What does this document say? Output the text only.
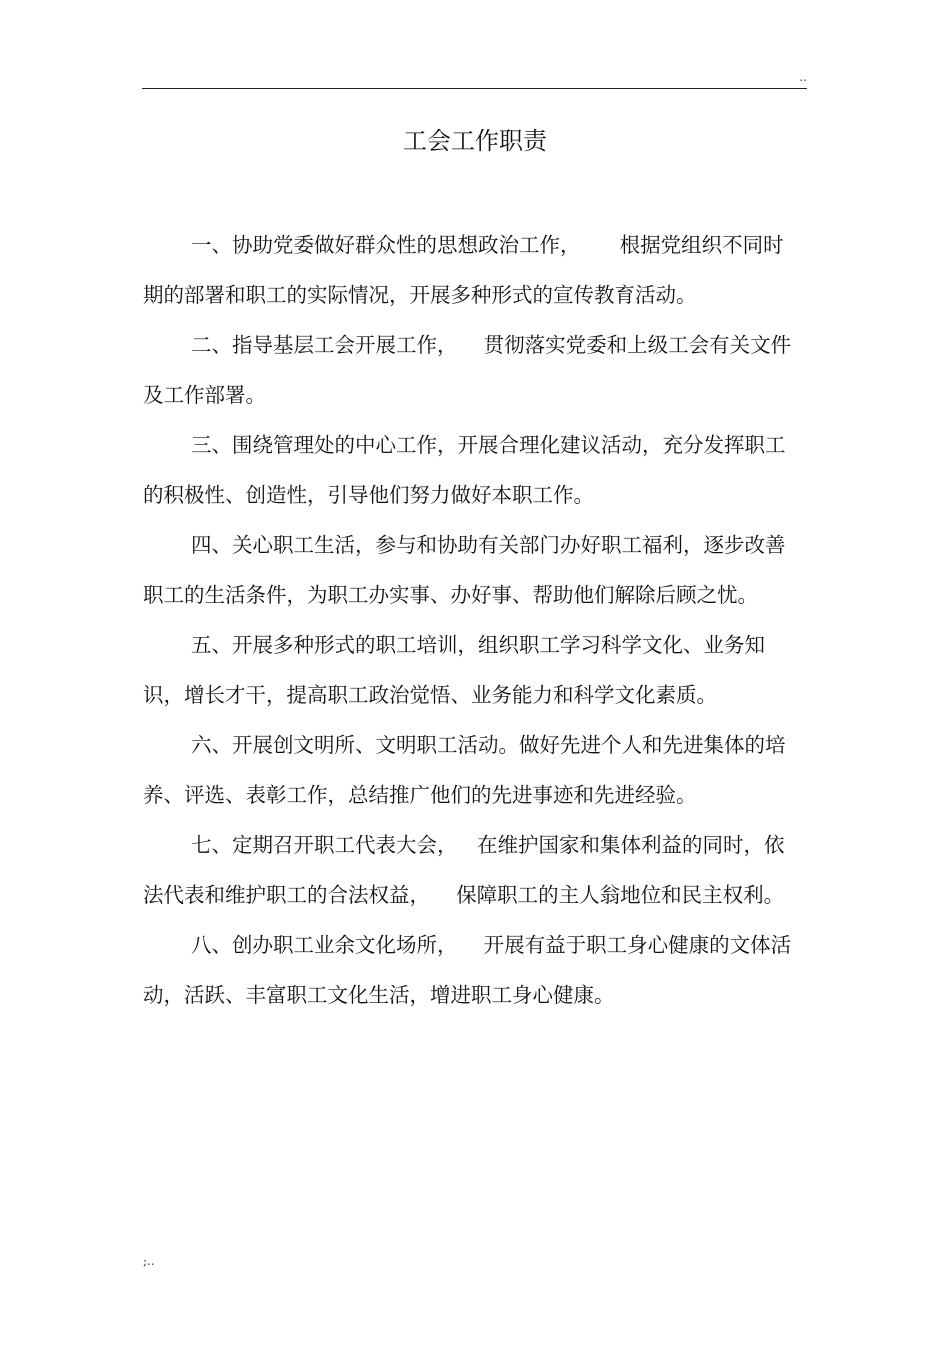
..
工会工作职责

一、协助党委做好群众性的思想政治工作，      根据党组织不同时期的部署和职工的实际情况，开展多种形式的宣传教育活动。

二、指导基层工会开展工作，    贯彻落实党委和上级工会有关文件及工作部署。

三、围绕管理处的中心工作，开展合理化建议活动，充分发挥职工的积极性、创造性，引导他们努力做好本职工作。

四、关心职工生活，参与和协助有关部门办好职工福利，逐步改善职工的生活条件，为职工办实事、办好事、帮助他们解除后顾之忧。

五、开展多种形式的职工培训，组织职工学习科学文化、业务知识，增长才干，提高职工政治觉悟、业务能力和科学文化素质。

六、开展创文明所、文明职工活动。做好先进个人和先进集体的培养、评选、表彰工作，总结推广他们的先进事迹和先进经验。

七、定期召开职工代表大会，   在维护国家和集体利益的同时，依法代表和维护职工的合法权益，    保障职工的主人翁地位和民主权利。

八、创办职工业余文化场所，    开展有益于职工身心健康的文体活动，活跃、丰富职工文化生活，增进职工身心健康。

;..
